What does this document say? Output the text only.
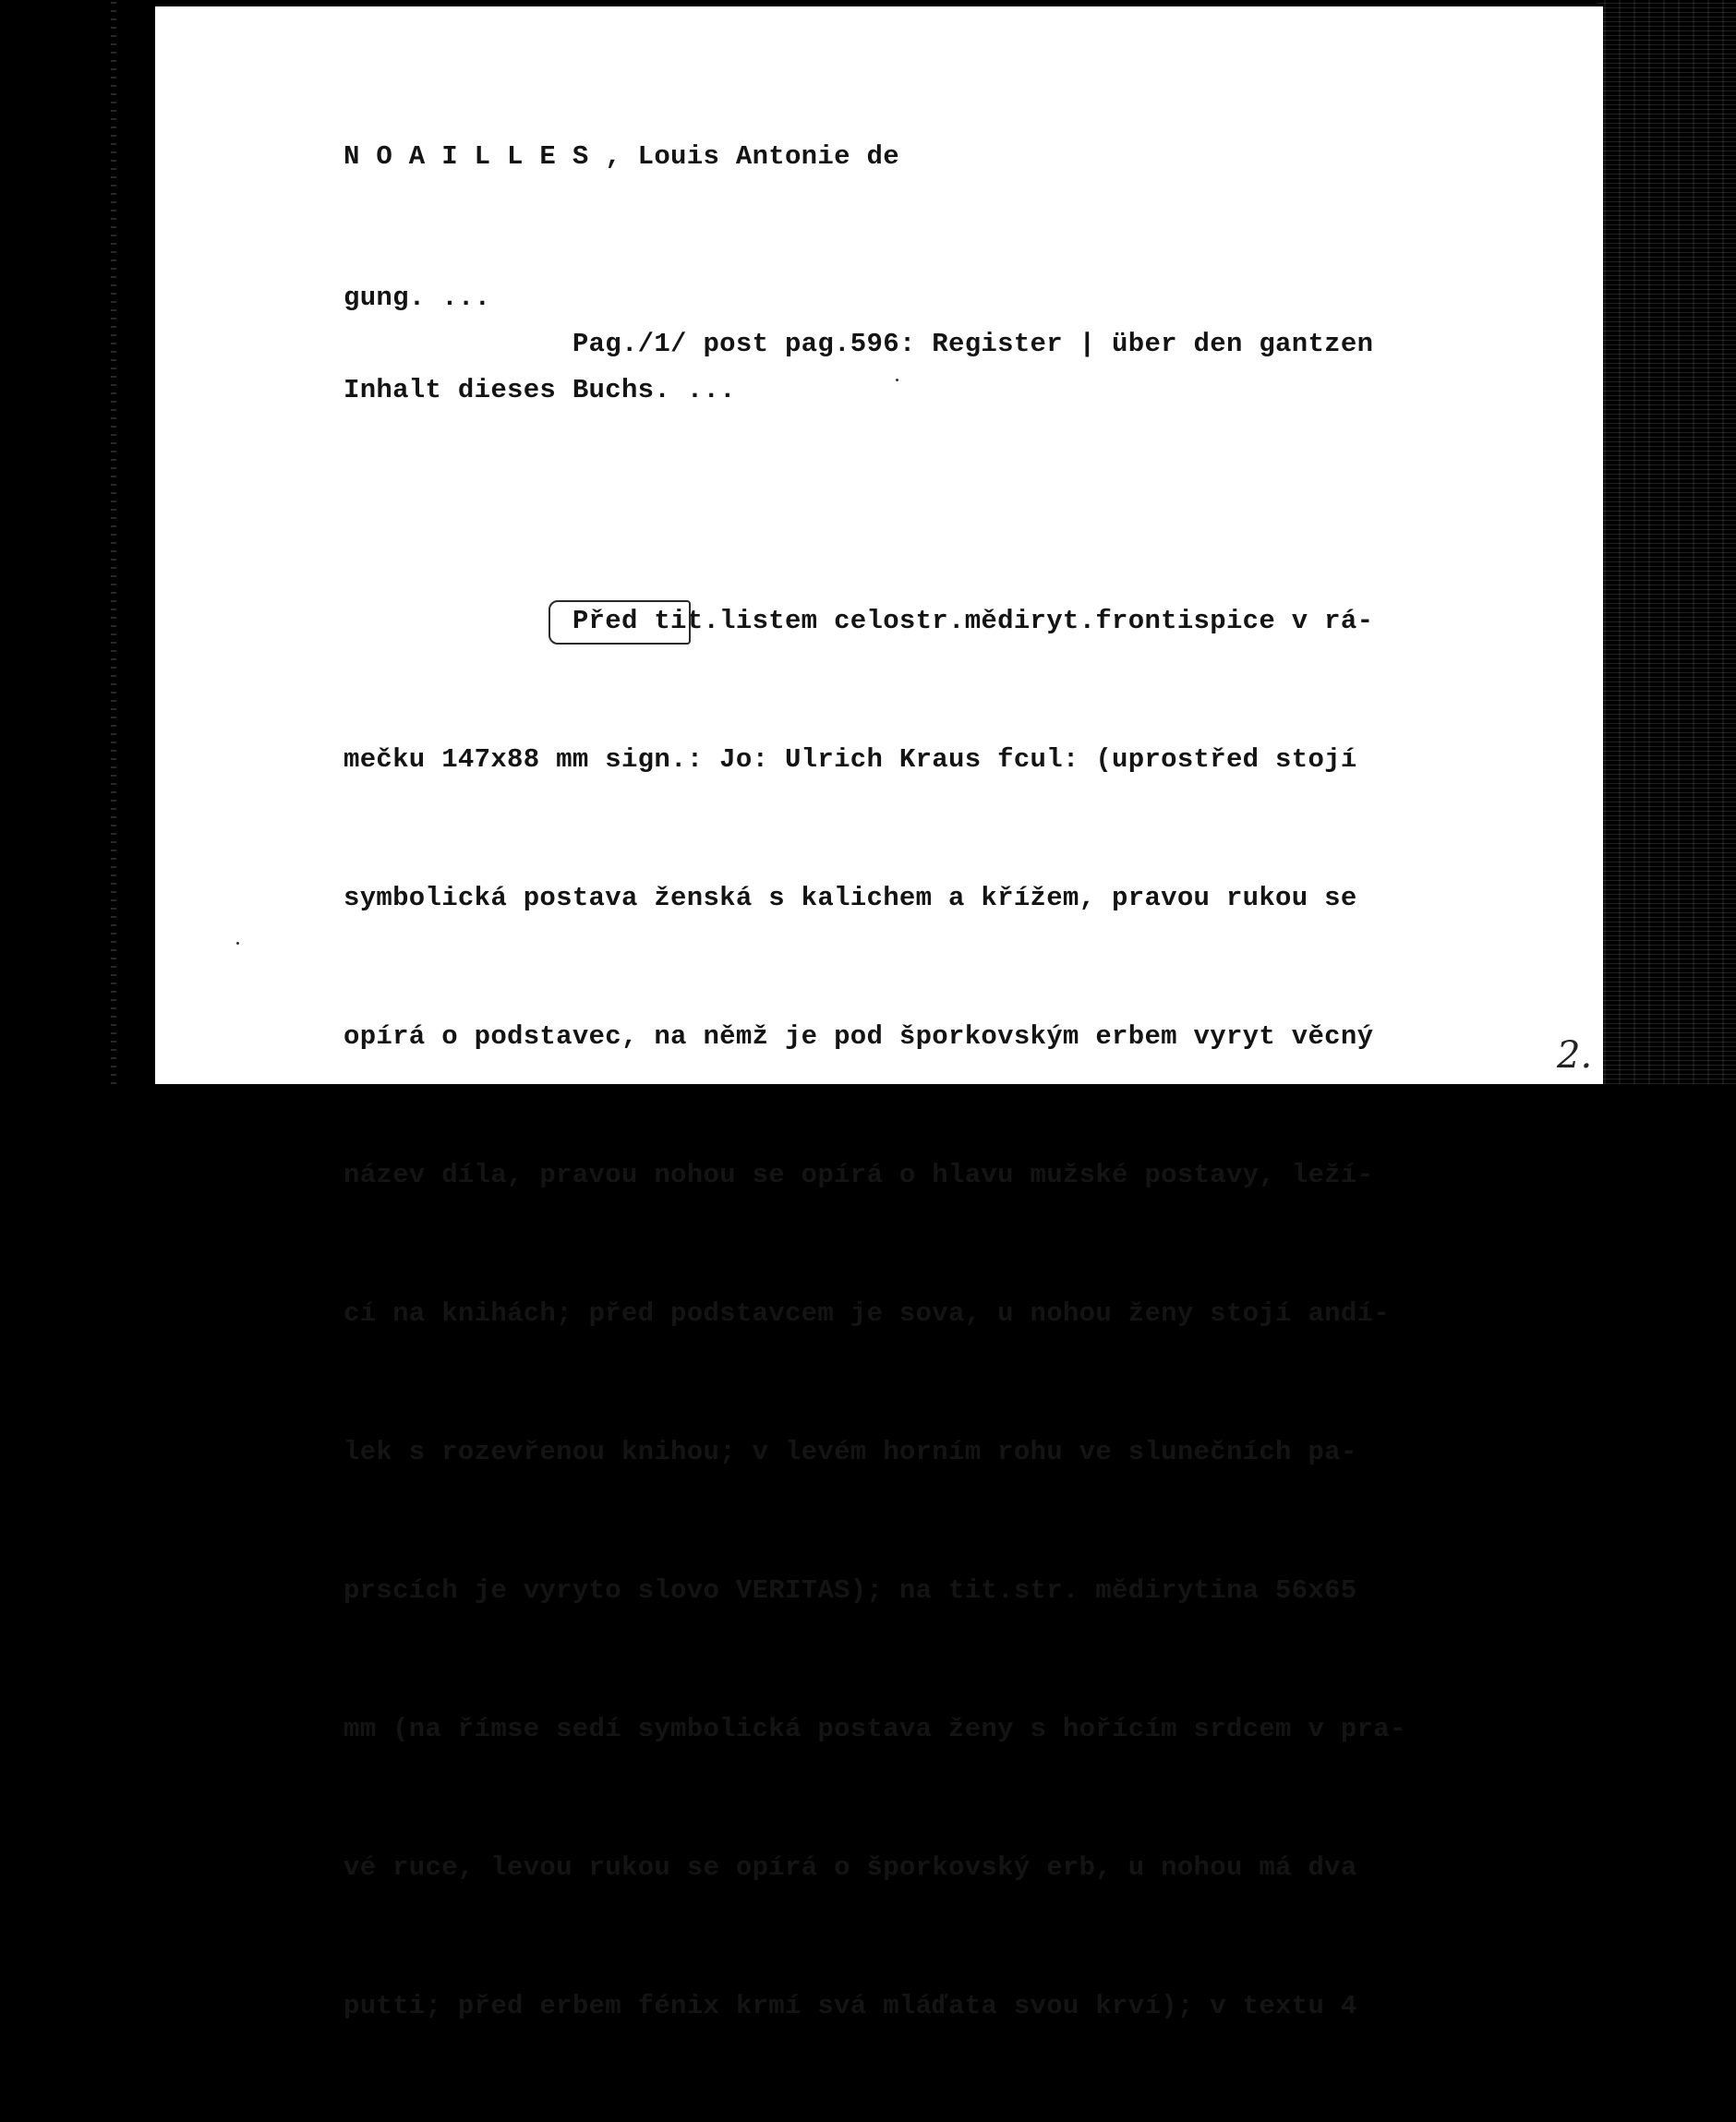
N O A I L L E S , Louis Antonie de
gung. ...
Pag./1/ post pag.596: Register | über den gantzen
Inhalt dieses Buchs. ...

Před tit.listem celostr.mědiryt.frontispice v rá-

mečku 147x88 mm sign.: Jo: Ulrich Kraus fcul: (uprostřed stojí

symbolická postava ženská s kalichem a křížem, pravou rukou se

opírá o podstavec, na němž je pod šporkovským erbem vyryt věcný

název díla, pravou nohou se opírá o hlavu mužské postavy, leží-

cí na knihách; před podstavcem je sova, u nohou ženy stojí andí-

lek s rozevřenou knihou; v levém horním rohu ve slunečních pa-

prscích je vyryto slovo VERITAS); na tit.str. mědirytina 56x65

mm (na římse sedí symbolická postava ženy s hořícím srdcem v pra-

vé ruce, levou rukou se opírá o šporkovský erb, u nohou má dva

putti; před erbem fénix krmí svá mláďata svou krví); v textu 4

2.
